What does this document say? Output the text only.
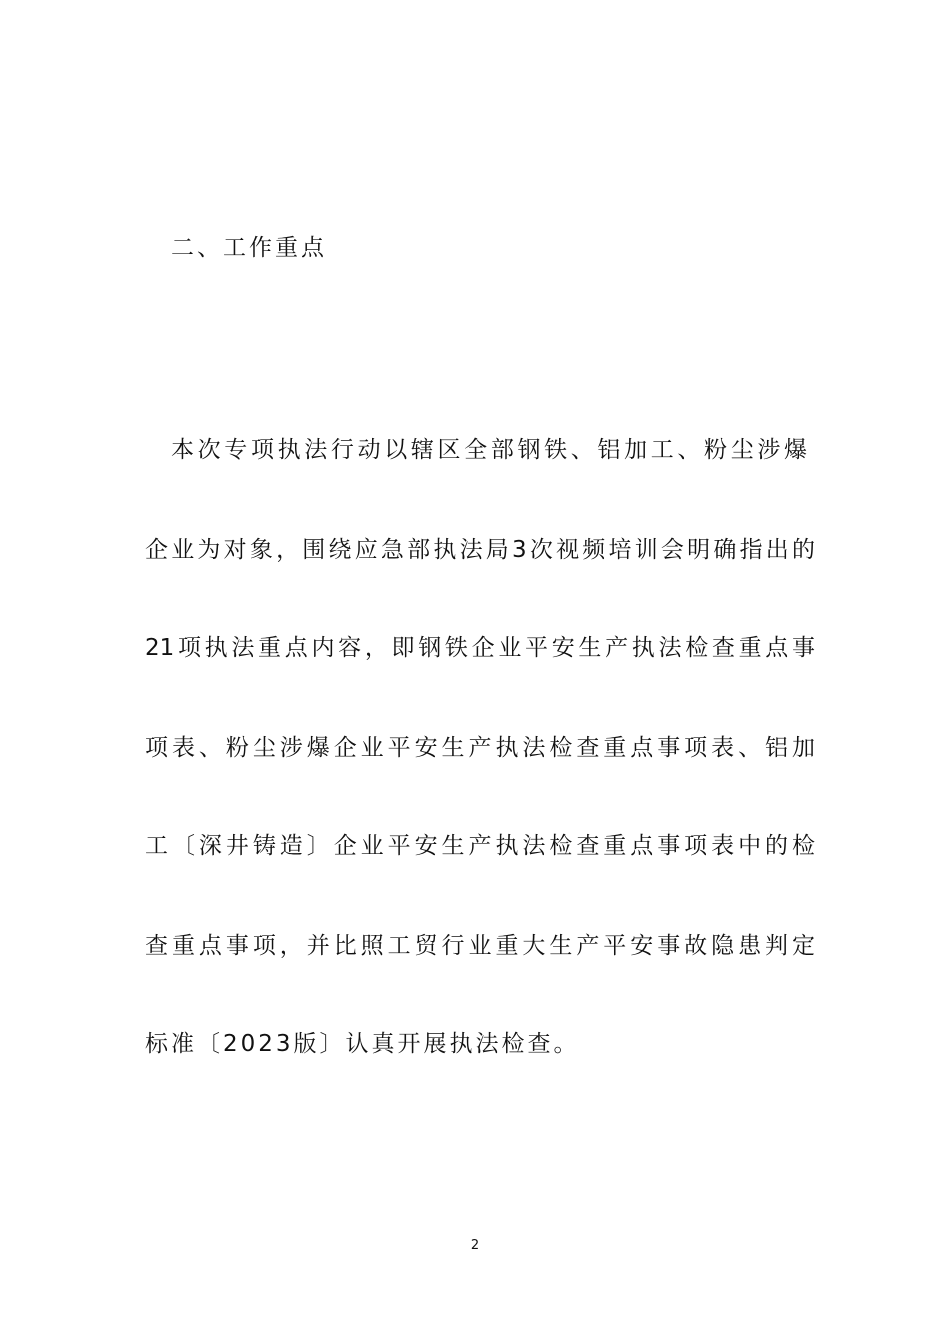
二、工作重点
本次专项执法行动以辖区全部钢铁、铝加工、粉尘涉爆
企业为对象，围绕应急部执法局3次视频培训会明确指出的
21项执法重点内容，即钢铁企业平安生产执法检查重点事
项表、粉尘涉爆企业平安生产执法检查重点事项表、铝加
工〔深井铸造〕企业平安生产执法检查重点事项表中的检
查重点事项，并比照工贸行业重大生产平安事故隐患判定
标准〔2023版〕认真开展执法检查。
2
